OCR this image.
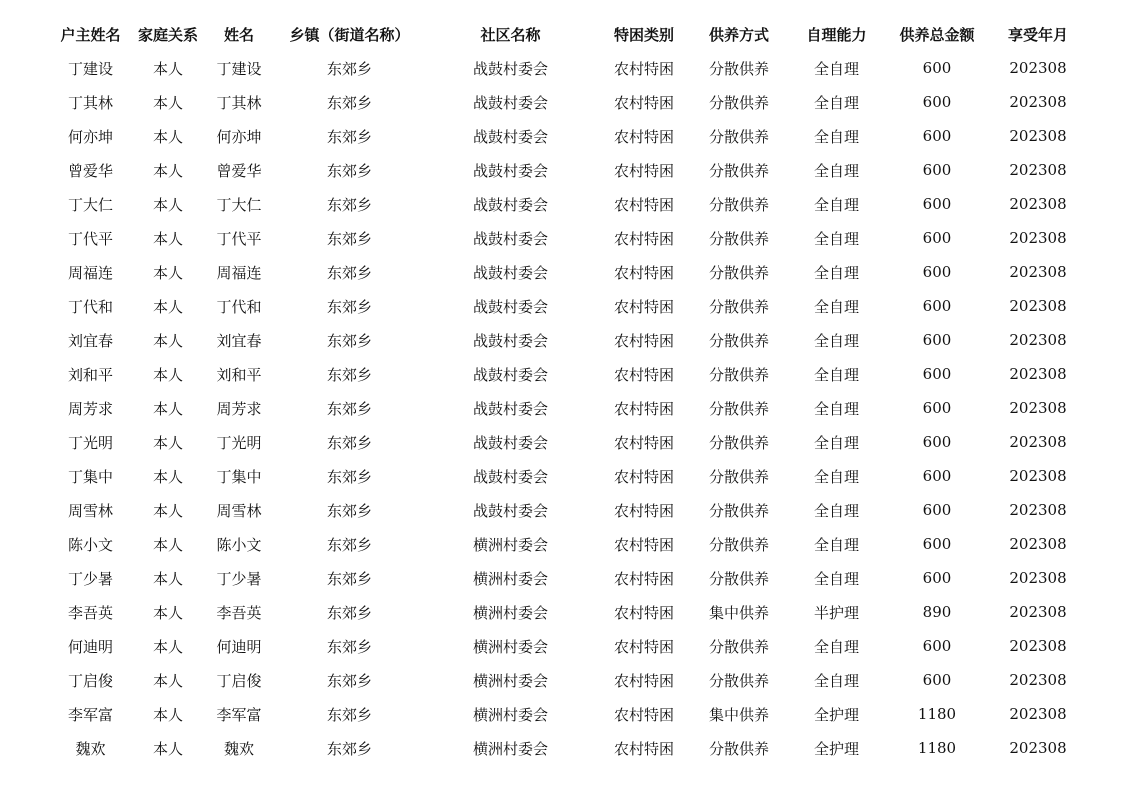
户主姓名	家庭关系	姓名	乡镇（街道名称）	社区名称	特困类别	供养方式	自理能力	供养总金额	享受年月
丁建设	本人	丁建设	东郊乡	战鼓村委会	农村特困	分散供养	全自理	600	202308
丁其林	本人	丁其林	东郊乡	战鼓村委会	农村特困	分散供养	全自理	600	202308
何亦坤	本人	何亦坤	东郊乡	战鼓村委会	农村特困	分散供养	全自理	600	202308
曾爱华	本人	曾爱华	东郊乡	战鼓村委会	农村特困	分散供养	全自理	600	202308
丁大仁	本人	丁大仁	东郊乡	战鼓村委会	农村特困	分散供养	全自理	600	202308
丁代平	本人	丁代平	东郊乡	战鼓村委会	农村特困	分散供养	全自理	600	202308
周福连	本人	周福连	东郊乡	战鼓村委会	农村特困	分散供养	全自理	600	202308
丁代和	本人	丁代和	东郊乡	战鼓村委会	农村特困	分散供养	全自理	600	202308
刘宜春	本人	刘宜春	东郊乡	战鼓村委会	农村特困	分散供养	全自理	600	202308
刘和平	本人	刘和平	东郊乡	战鼓村委会	农村特困	分散供养	全自理	600	202308
周芳求	本人	周芳求	东郊乡	战鼓村委会	农村特困	分散供养	全自理	600	202308
丁光明	本人	丁光明	东郊乡	战鼓村委会	农村特困	分散供养	全自理	600	202308
丁集中	本人	丁集中	东郊乡	战鼓村委会	农村特困	分散供养	全自理	600	202308
周雪林	本人	周雪林	东郊乡	战鼓村委会	农村特困	分散供养	全自理	600	202308
陈小文	本人	陈小文	东郊乡	横洲村委会	农村特困	分散供养	全自理	600	202308
丁少暑	本人	丁少暑	东郊乡	横洲村委会	农村特困	分散供养	全自理	600	202308
李吾英	本人	李吾英	东郊乡	横洲村委会	农村特困	集中供养	半护理	890	202308
何迪明	本人	何迪明	东郊乡	横洲村委会	农村特困	分散供养	全自理	600	202308
丁启俊	本人	丁启俊	东郊乡	横洲村委会	农村特困	分散供养	全自理	600	202308
李军富	本人	李军富	东郊乡	横洲村委会	农村特困	集中供养	全护理	1180	202308
魏欢	本人	魏欢	东郊乡	横洲村委会	农村特困	分散供养	全护理	1180	202308
